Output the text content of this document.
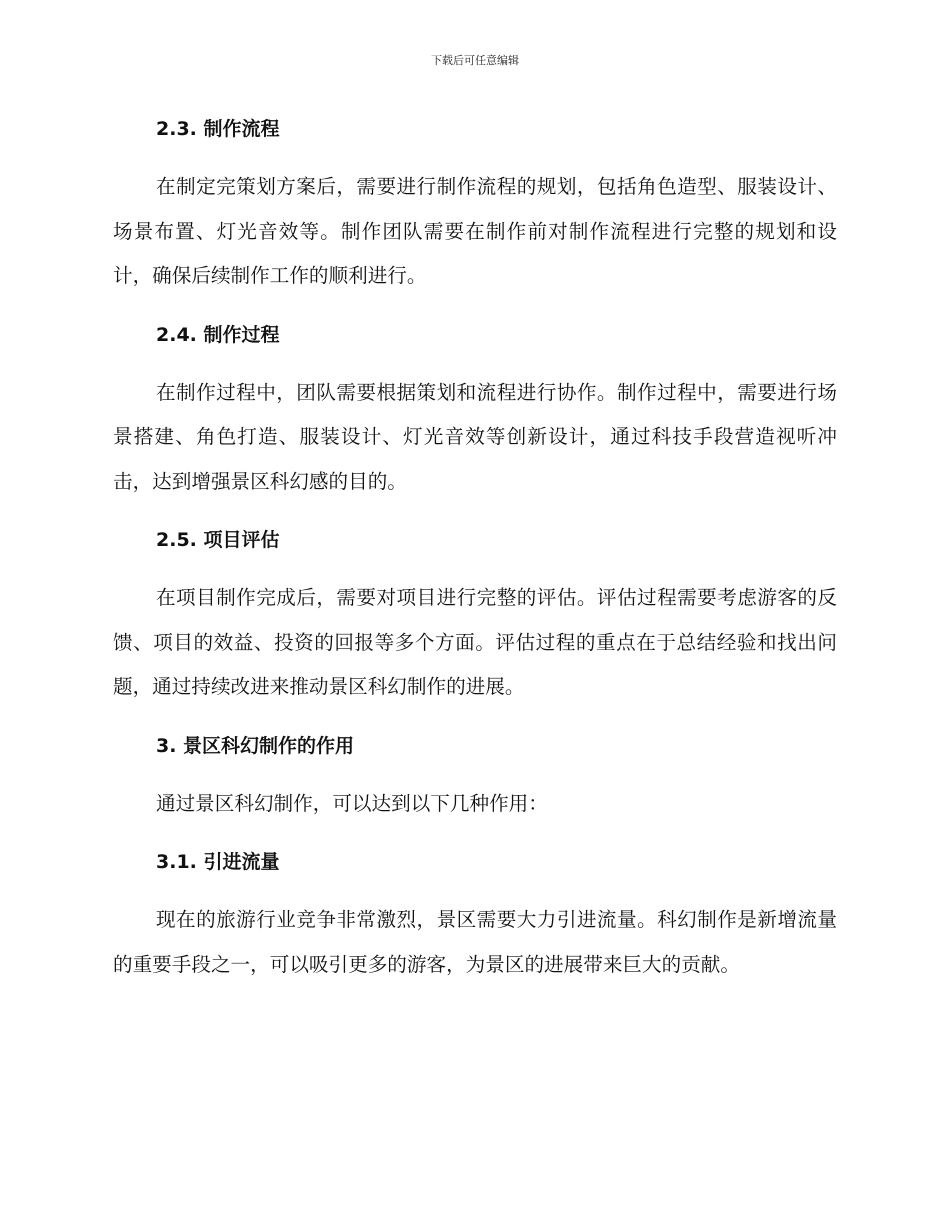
下载后可任意编辑
2.3. 制作流程

在制定完策划方案后，需要进行制作流程的规划，包括角色造型、服装设计、场景布置、灯光音效等。制作团队需要在制作前对制作流程进行完整的规划和设计，确保后续制作工作的顺利进行。

2.4. 制作过程

在制作过程中，团队需要根据策划和流程进行协作。制作过程中，需要进行场景搭建、角色打造、服装设计、灯光音效等创新设计，通过科技手段营造视听冲击，达到增强景区科幻感的目的。

2.5. 项目评估

在项目制作完成后，需要对项目进行完整的评估。评估过程需要考虑游客的反馈、项目的效益、投资的回报等多个方面。评估过程的重点在于总结经验和找出问题，通过持续改进来推动景区科幻制作的进展。

3. 景区科幻制作的作用

通过景区科幻制作，可以达到以下几种作用：

3.1. 引进流量

现在的旅游行业竞争非常激烈，景区需要大力引进流量。科幻制作是新增流量的重要手段之一，可以吸引更多的游客，为景区的进展带来巨大的贡献。
